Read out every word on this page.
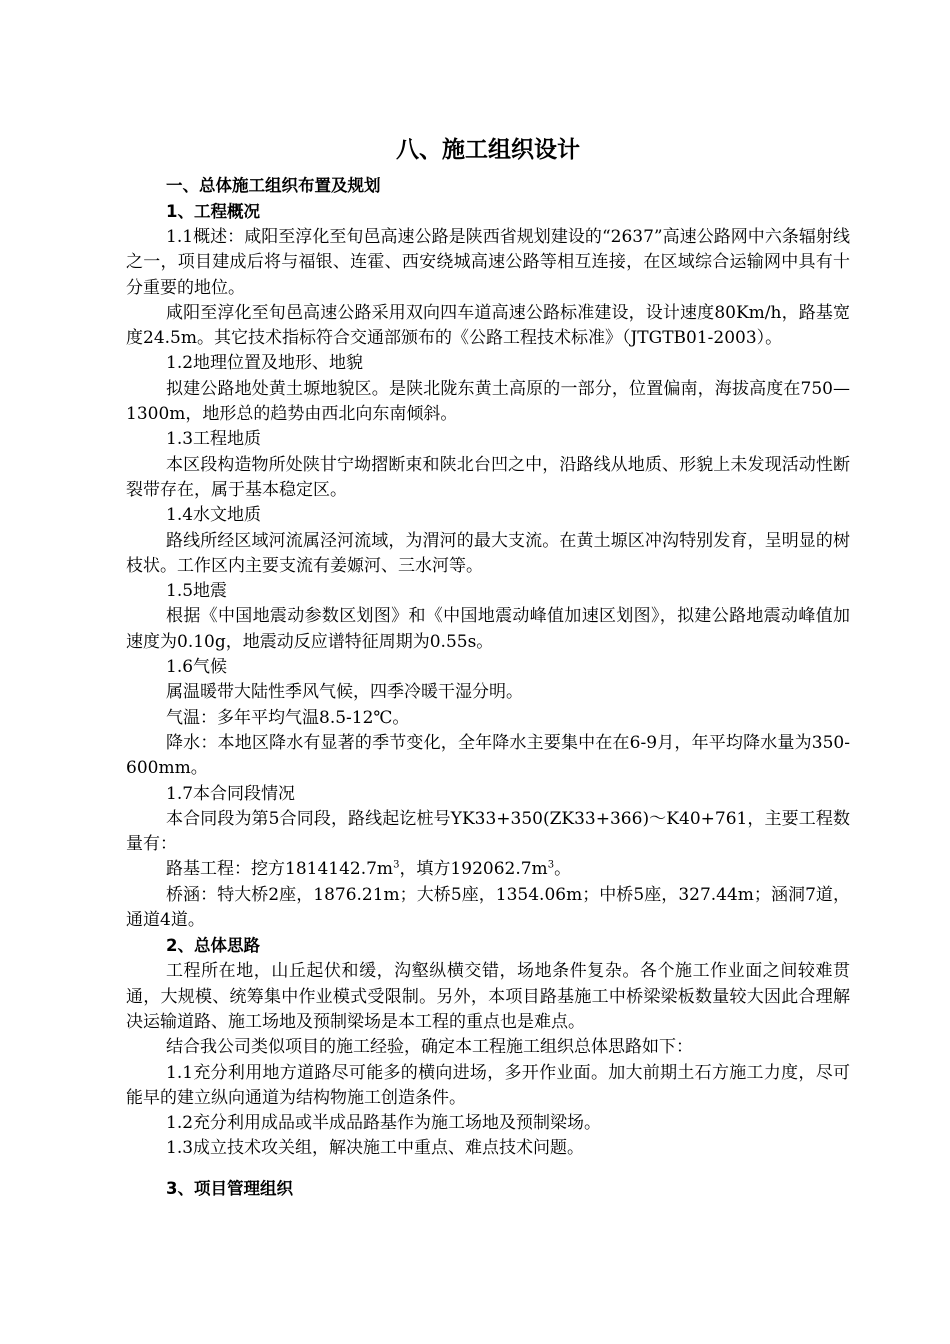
八、施工组织设计
一、总体施工组织布置及规划
1、工程概况

1.1概述：咸阳至淳化至旬邑高速公路是陕西省规划建设的“2637”高速公路网中六条辐射线之一，项目建成后将与福银、连霍、西安绕城高速公路等相互连接，在区域综合运输网中具有十分重要的地位。

咸阳至淳化至旬邑高速公路采用双向四车道高速公路标准建设，设计速度80Km/h，路基宽度24.5m。其它技术指标符合交通部颁布的《公路工程技术标准》（JTGTB01-2003）。

1.2地理位置及地形、地貌

拟建公路地处黄土塬地貌区。是陕北陇东黄土高原的一部分，位置偏南，海拔高度在750—1300m，地形总的趋势由西北向东南倾斜。

1.3工程地质

本区段构造物所处陕甘宁坳摺断束和陕北台凹之中，沿路线从地质、形貌上未发现活动性断裂带存在，属于基本稳定区。

1.4水文地质

路线所经区域河流属泾河流域，为渭河的最大支流。在黄土塬区冲沟特别发育，呈明显的树枝状。工作区内主要支流有姜嫄河、三水河等。

1.5地震

根据《中国地震动参数区划图》和《中国地震动峰值加速区划图》，拟建公路地震动峰值加速度为0.10g，地震动反应谱特征周期为0.55s。

1.6气候

属温暖带大陆性季风气候，四季冷暖干湿分明。

气温：多年平均气温8.5-12℃。

降水：本地区降水有显著的季节变化，全年降水主要集中在在6-9月，年平均降水量为350-600mm。

1.7本合同段情况

本合同段为第5合同段，路线起讫桩号YK33+350(ZK33+366)～K40+761，主要工程数量有：

路基工程：挖方$1814142.7m^3$，填方$192062.7m^3$。

桥涵：特大桥2座，1876.21m；大桥5座，1354.06m；中桥5座，327.44m；涵洞7道，通道4道。

2、总体思路

工程所在地，山丘起伏和缓，沟壑纵横交错，场地条件复杂。各个施工作业面之间较难贯通，大规模、统筹集中作业模式受限制。另外，本项目路基施工中桥梁梁板数量较大因此合理解决运输道路、施工场地及预制梁场是本工程的重点也是难点。

结合我公司类似项目的施工经验，确定本工程施工组织总体思路如下：

1.1充分利用地方道路尽可能多的横向进场，多开作业面。加大前期土石方施工力度，尽可能早的建立纵向通道为结构物施工创造条件。

1.2充分利用成品或半成品路基作为施工场地及预制梁场。

1.3成立技术攻关组，解决施工中重点、难点技术问题。

3、项目管理组织
